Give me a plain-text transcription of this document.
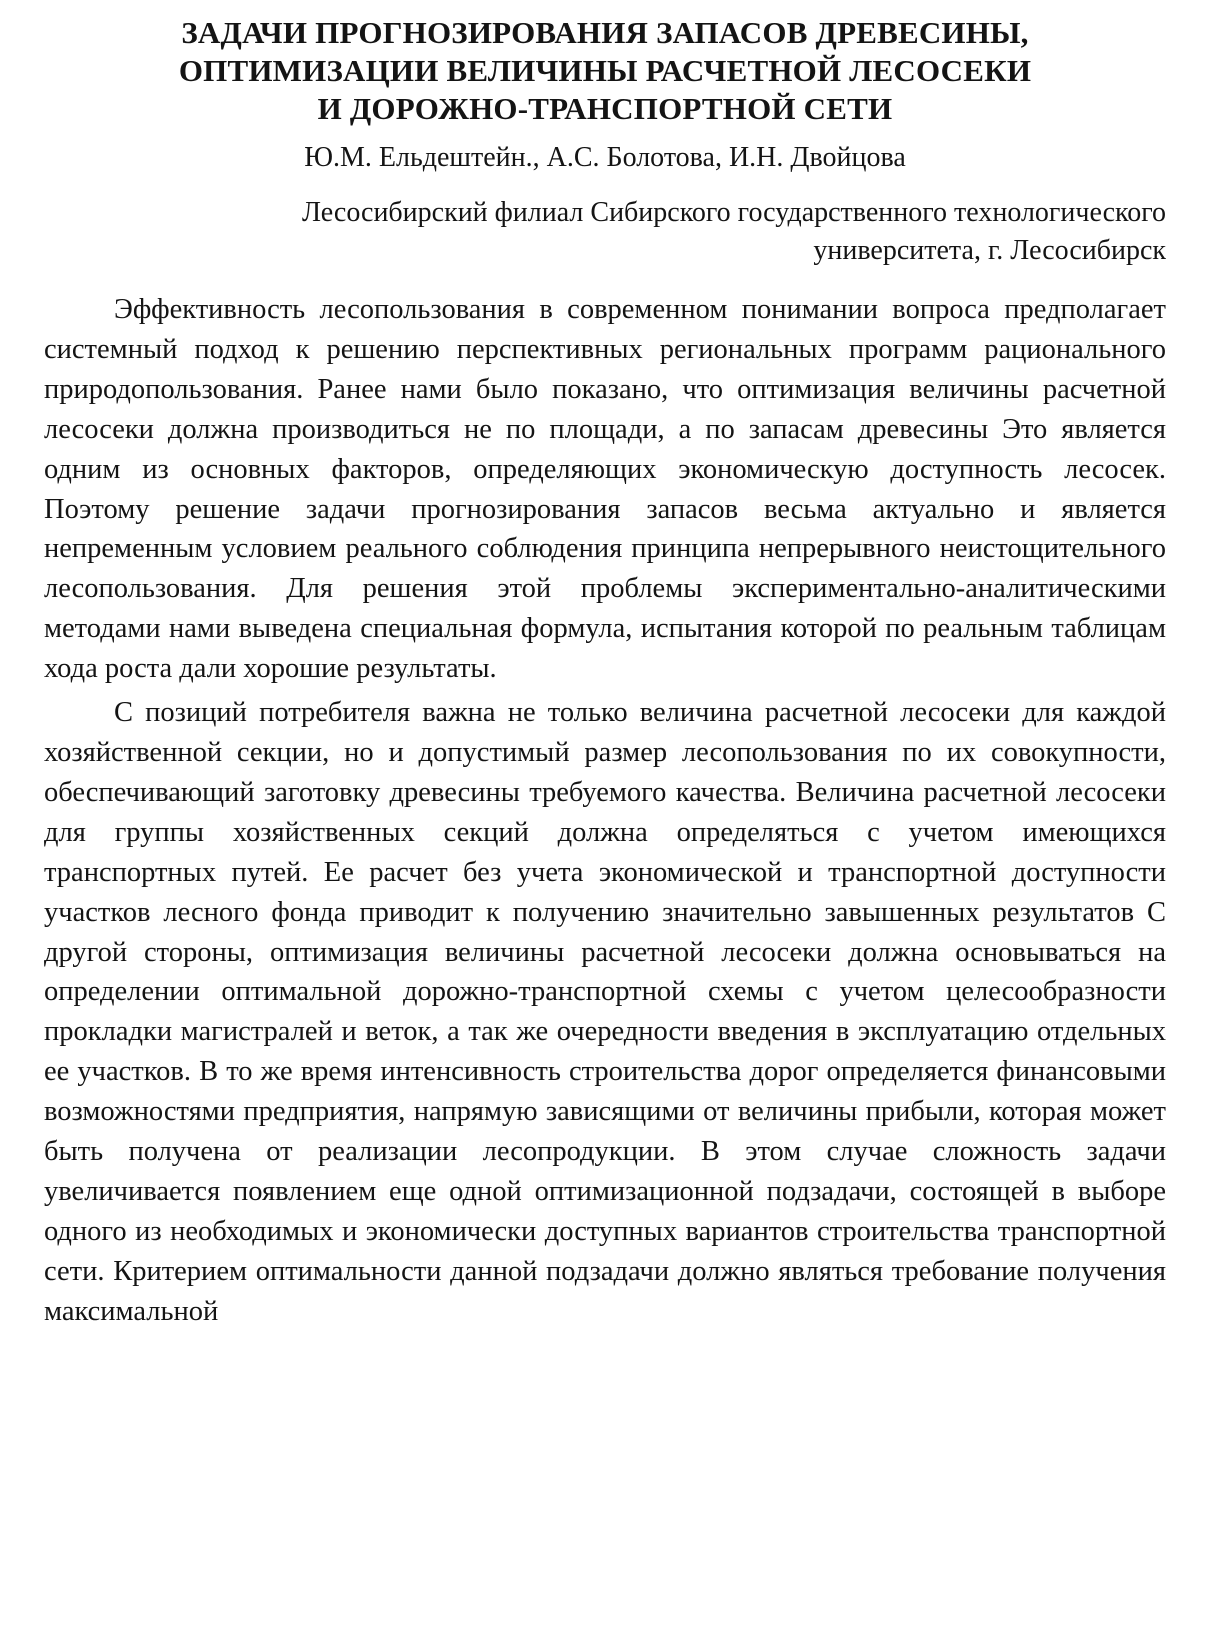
ЗАДАЧИ ПРОГНОЗИРОВАНИЯ ЗАПАСОВ ДРЕВЕСИНЫ,
ОПТИМИЗАЦИИ ВЕЛИЧИНЫ РАСЧЕТНОЙ ЛЕСОСЕКИ
И ДОРОЖНО-ТРАНСПОРТНОЙ СЕТИ

Ю.М. Ельдештейн., А.С. Болотова, И.Н. Двойцова

Лесосибирский филиал Сибирского государственного технологического
университета, г. Лесосибирск

Эффективность лесопользования в современном понимании вопроса предполагает системный подход к решению перспективных региональных программ рационального природопользования. Ранее нами было показано, что оптимизация величины расчетной лесосеки должна производиться не по площади, а по запасам древесины Это является одним из основных факторов, определяющих экономическую доступность лесосек. Поэтому решение задачи прогнозирования запасов весьма актуально и является непременным условием реального соблюдения принципа непрерывного неистощительного лесопользования. Для решения этой проблемы экспериментально-аналитическими методами нами выведена специальная формула, испытания которой по реальным таблицам хода роста дали хорошие результаты.

С позиций потребителя важна не только величина расчетной лесосеки для каждой хозяйственной секции, но и допустимый размер лесопользования по их совокупности, обеспечивающий заготовку древесины требуемого качества. Величина расчетной лесосеки для группы хозяйственных секций должна определяться с учетом имеющихся транспортных путей. Ее расчет без учета экономической и транспортной доступности участков лесного фонда приводит к получению значительно завышенных результатов С другой стороны, оптимизация величины расчетной лесосеки должна основываться на определении оптимальной дорожно-транспортной схемы с учетом целесообразности прокладки магистралей и веток, а так же очередности введения в эксплуатацию отдельных ее участков. В то же время интенсивность строительства дорог определяется финансовыми возможностями предприятия, напрямую зависящими от величины прибыли, которая может быть получена от реализации лесопродукции. В этом случае сложность задачи увеличивается появлением еще одной оптимизационной подзадачи, состоящей в выборе одного из необходимых и экономически доступных вариантов строительства транспортной сети. Критерием оптимальности данной подзадачи должно являться требование получения максимальной
